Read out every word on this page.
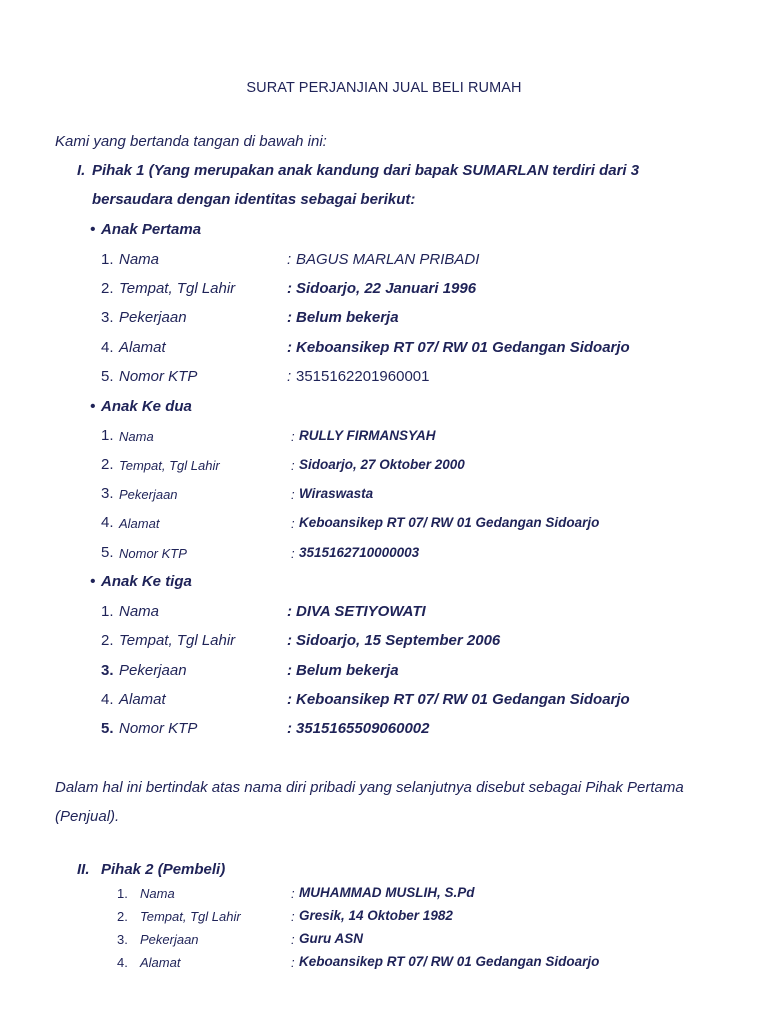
SURAT PERJANJIAN JUAL BELI RUMAH
Kami yang bertanda tangan di bawah ini:
I. Pihak 1 (Yang merupakan anak kandung dari bapak SUMARLAN terdiri dari 3
bersaudara dengan identitas sebagai berikut:
• Anak Pertama
1. Nama	: BAGUS MARLAN PRIBADI
2. Tempat, Tgl Lahir	: Sidoarjo, 22 Januari 1996
3. Pekerjaan	: Belum bekerja
4. Alamat	: Keboansikep RT 07/ RW 01 Gedangan Sidoarjo
5. Nomor KTP	: 3515162201960001
• Anak Ke dua
1. Nama	: RULLY FIRMANSYAH
2. Tempat, Tgl Lahir	: Sidoarjo, 27 Oktober 2000
3. Pekerjaan	: Wiraswasta
4. Alamat	: Keboansikep RT 07/ RW 01 Gedangan Sidoarjo
5. Nomor KTP	: 3515162710000003
• Anak Ke tiga
1. Nama	: DIVA SETIYOWATI
2. Tempat, Tgl Lahir	: Sidoarjo, 15 September 2006
3. Pekerjaan	: Belum bekerja
4. Alamat	: Keboansikep RT 07/ RW 01 Gedangan Sidoarjo
5. Nomor KTP	: 3515165509060002
Dalam hal ini bertindak atas nama diri pribadi yang selanjutnya disebut sebagai Pihak Pertama
(Penjual).
II. Pihak 2 (Pembeli)
1. Nama	: MUHAMMAD MUSLIH, S.Pd
2. Tempat, Tgl Lahir	: Gresik, 14 Oktober 1982
3. Pekerjaan	: Guru ASN
4. Alamat	: Keboansikep RT 07/ RW 01 Gedangan Sidoarjo
